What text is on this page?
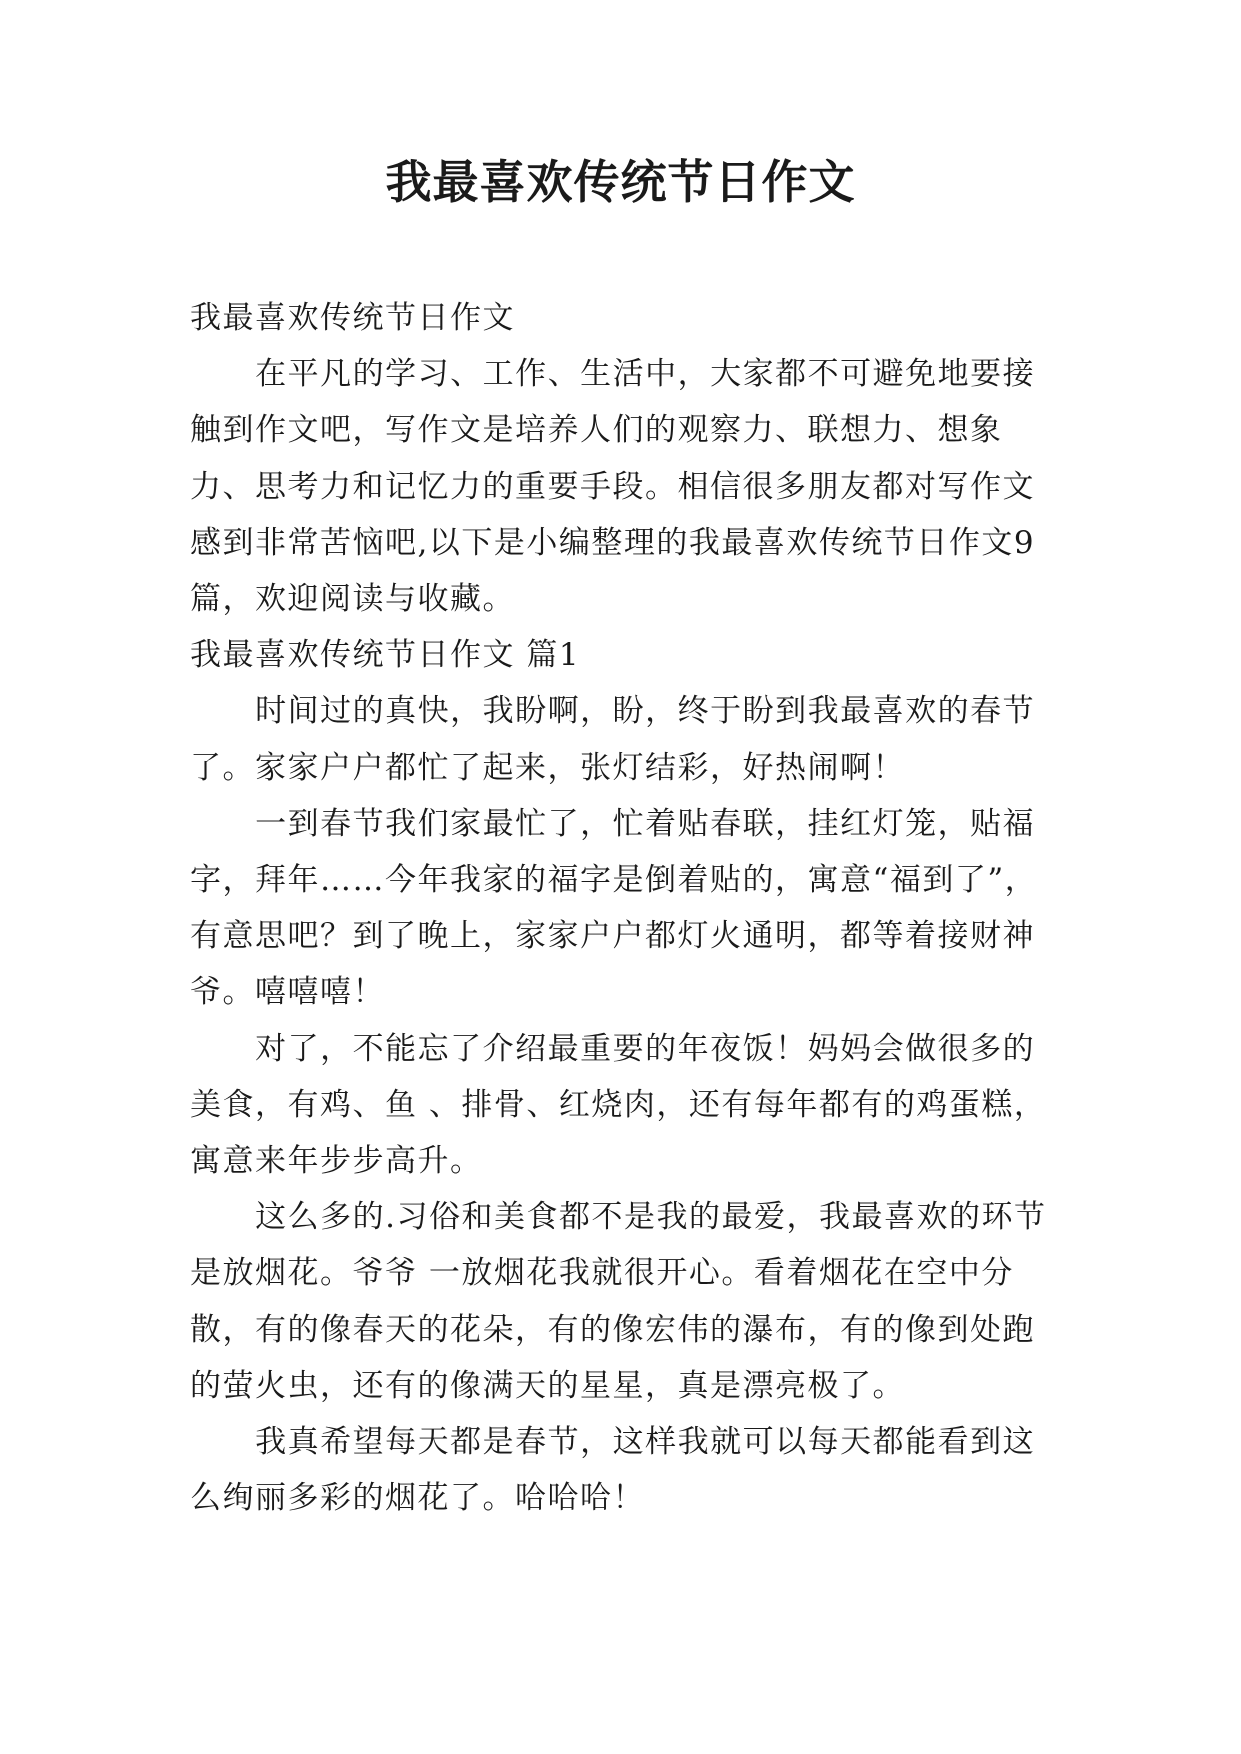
我最喜欢传统节日作文

我最喜欢传统节日作文

在平凡的学习、工作、生活中，大家都不可避免地要接触到作文吧，写作文是培养人们的观察力、联想力、想象力、思考力和记忆力的重要手段。相信很多朋友都对写作文感到非常苦恼吧,以下是小编整理的我最喜欢传统节日作文9篇，欢迎阅读与收藏。

我最喜欢传统节日作文 篇1

时间过的真快，我盼啊，盼，终于盼到我最喜欢的春节了。家家户户都忙了起来，张灯结彩，好热闹啊！

一到春节我们家最忙了，忙着贴春联，挂红灯笼，贴福字，拜年……今年我家的福字是倒着贴的，寓意“福到了”，有意思吧？到了晚上，家家户户都灯火通明，都等着接财神爷。嘻嘻嘻！

对了，不能忘了介绍最重要的年夜饭！妈妈会做很多的美食，有鸡、鱼 、排骨、红烧肉，还有每年都有的鸡蛋糕，寓意来年步步高升。

这么多的.习俗和美食都不是我的最爱，我最喜欢的环节是放烟花。爷爷 一放烟花我就很开心。看着烟花在空中分散，有的像春天的花朵，有的像宏伟的瀑布，有的像到处跑的萤火虫，还有的像满天的星星，真是漂亮极了。

我真希望每天都是春节，这样我就可以每天都能看到这么绚丽多彩的烟花了。哈哈哈！
